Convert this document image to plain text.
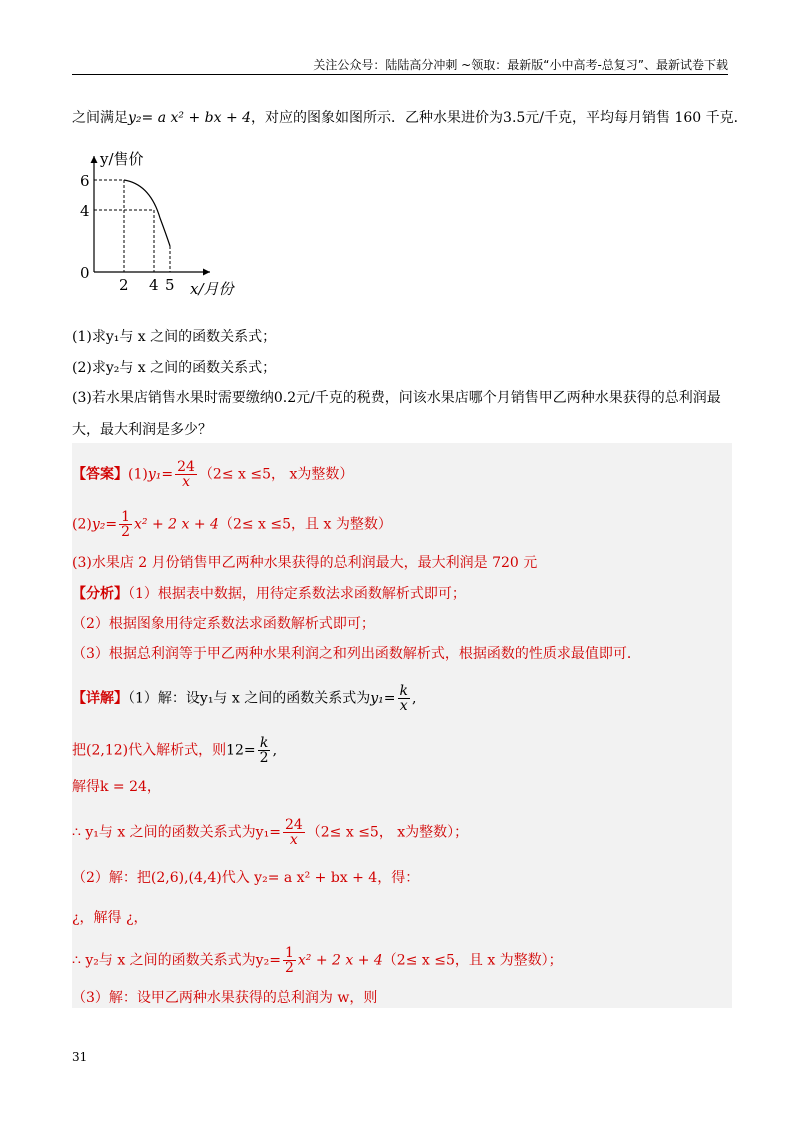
关注公众号：陆陆高分冲刺 ~领取：最新版“小中高考-总复习”、最新试卷下载
之间满足y₂= a x² + bx + 4，对应的图象如图所示．乙种水果进价为3.5元/千克，平均每月销售 160 千克．
y/售价
6
4
0
2 4 5 x/月份
(1)求y₁与 x 之间的函数关系式；
(2)求y₂与 x 之间的函数关系式；
(3)若水果店销售水果时需要缴纳0.2元/千克的税费，问该水果店哪个月销售甲乙两种水果获得的总利润最
大，最大利润是多少？
【答案】$(1)y_1= \frac{24}{x} (2\le x \le 5$， x为整数）
$(2)y_2= \frac{1}{2} x^2 + 2$ x + 4（2≤ x ≤5，且 x 为整数）
(3)水果店 2 月份销售甲乙两种水果获得的总利润最大，最大利润是 720 元
【分析】（1）根据表中数据，用待定系数法求函数解析式即可；
（2）根据图象用待定系数法求函数解析式即可；
（3）根据总利润等于甲乙两种水果利润之和列出函数解析式，根据函数的性质求最值即可．
【详解】（1）解：设y₁与 x 之间的函数关系式为$y_1= \frac{k}{x}$ ,
把(2,12)代入解析式，则$12= \frac{k}{2}$ ,
解得k = 24，
∴ y₁与 x 之间的函数关系式为$y_1= \frac{24}{x} (2\le x \le 5$， x为整数）；
（2）解：把(2,6),(4,4)代入 y₂= a x² + bx + 4，得：
¿，解得 ¿，
∴ y₂与 x 之间的函数关系式为$y_2= \frac{1}{2} x^2 + 2$ x + 4（2≤ x ≤5，且 x 为整数）；
（3）解：设甲乙两种水果获得的总利润为 w，则
31
